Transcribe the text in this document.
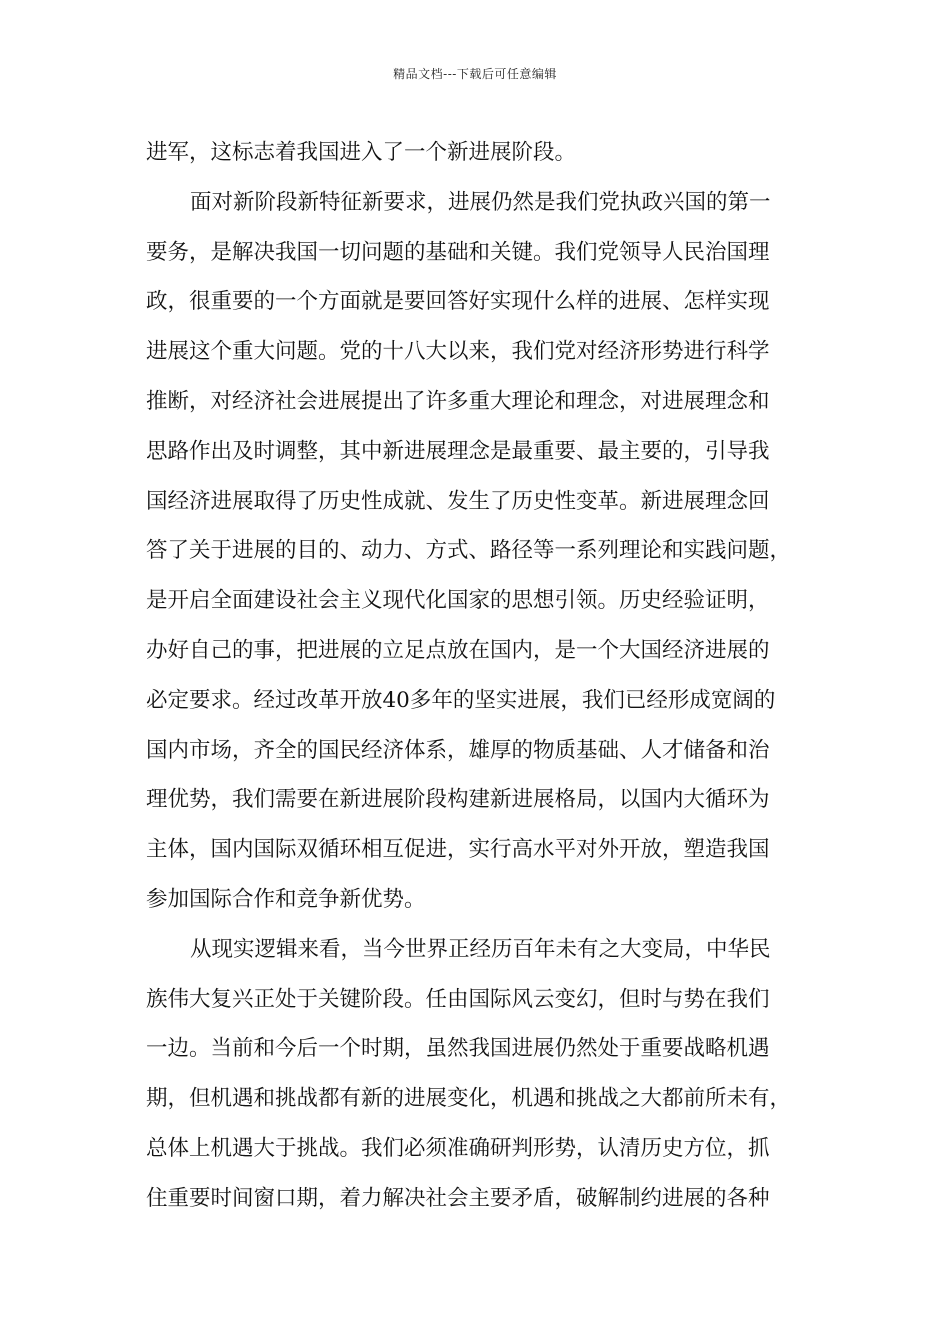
精品文档---下载后可任意编辑
进军，这标志着我国进入了一个新进展阶段。
面对新阶段新特征新要求，进展仍然是我们党执政兴国的第一
要务，是解决我国一切问题的基础和关键。我们党领导人民治国理
政，很重要的一个方面就是要回答好实现什么样的进展、怎样实现
进展这个重大问题。党的十八大以来，我们党对经济形势进行科学
推断，对经济社会进展提出了许多重大理论和理念，对进展理念和
思路作出及时调整，其中新进展理念是最重要、最主要的，引导我
国经济进展取得了历史性成就、发生了历史性变革。新进展理念回
答了关于进展的目的、动力、方式、路径等一系列理论和实践问题，
是开启全面建设社会主义现代化国家的思想引领。历史经验证明，
办好自己的事，把进展的立足点放在国内，是一个大国经济进展的
必定要求。经过改革开放40多年的坚实进展，我们已经形成宽阔的
国内市场，齐全的国民经济体系，雄厚的物质基础、人才储备和治
理优势，我们需要在新进展阶段构建新进展格局，以国内大循环为
主体，国内国际双循环相互促进，实行高水平对外开放，塑造我国
参加国际合作和竞争新优势。
从现实逻辑来看，当今世界正经历百年未有之大变局，中华民
族伟大复兴正处于关键阶段。任由国际风云变幻，但时与势在我们
一边。当前和今后一个时期，虽然我国进展仍然处于重要战略机遇
期，但机遇和挑战都有新的进展变化，机遇和挑战之大都前所未有，
总体上机遇大于挑战。我们必须准确研判形势，认清历史方位，抓
住重要时间窗口期，着力解决社会主要矛盾，破解制约进展的各种
